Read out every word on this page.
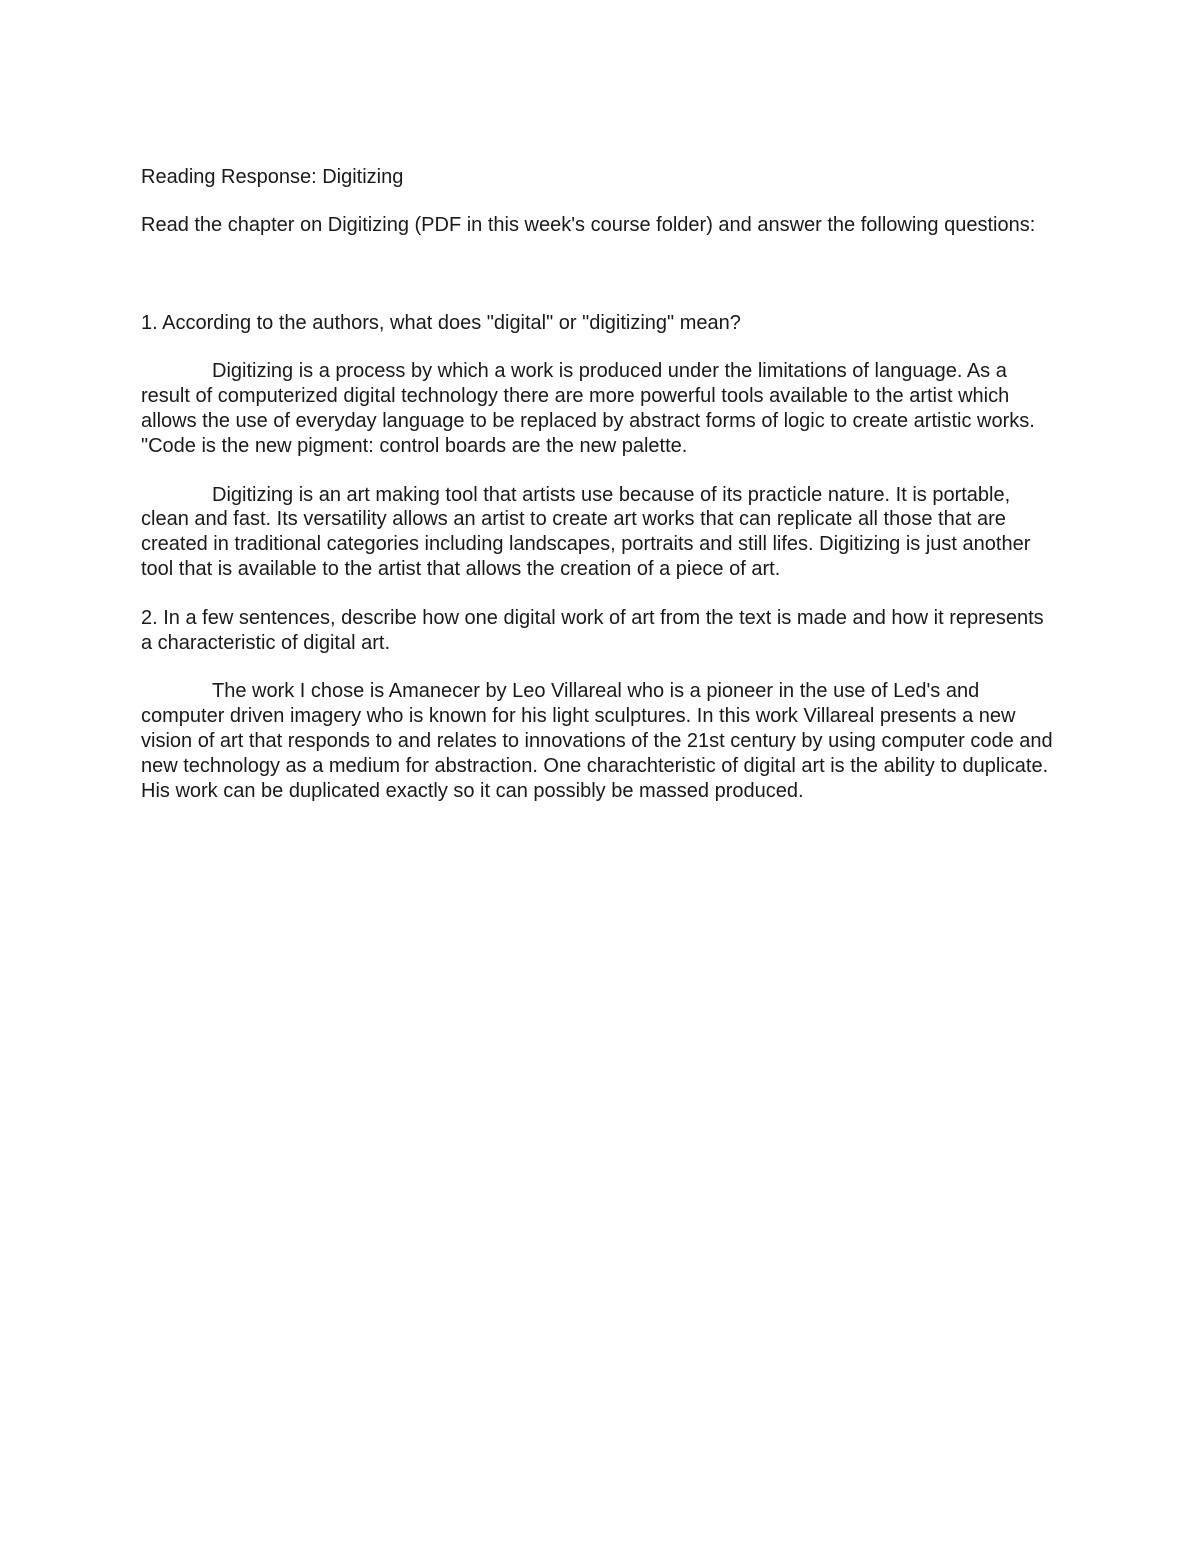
Reading Response: Digitizing

Read the chapter on Digitizing (PDF in this week's course folder) and answer the following questions:

1. According to the authors, what does "digital" or "digitizing" mean?

Digitizing is a process by which a work is produced under the limitations of language. As a result of computerized digital technology there are more powerful tools available to the artist which allows the use of everyday language to be replaced by abstract forms of logic to create artistic works. "Code is the new pigment: control boards are the new palette.

Digitizing is an art making tool that artists use because of its practicle nature. It is portable, clean and fast. Its versatility allows an artist to create art works that can replicate all those that are created in traditional categories including landscapes, portraits and still lifes. Digitizing is just another tool that is available to the artist that allows the creation of a piece of art.

2. In a few sentences, describe how one digital work of art from the text is made and how it represents a characteristic of digital art.

The work I chose is Amanecer by Leo Villareal who is a pioneer in the use of Led's and computer driven imagery who is known for his light sculptures. In this work Villareal presents a new vision of art that responds to and relates to innovations of the 21st century by using computer code and new technology as a medium for abstraction. One charachteristic of digital art is the ability to duplicate. His work can be duplicated exactly so it can possibly be massed produced.
